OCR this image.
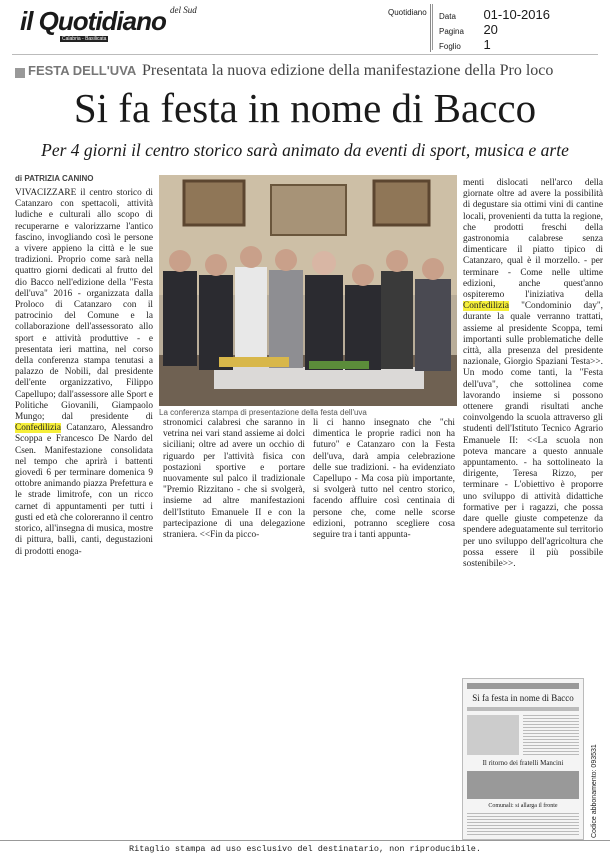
il Quotidiano del Sud
Calabria - Basilicata
Quotidiano Data 01-10-2016
Pagina 20
Foglio 1
FESTA DELL'UVA Presentata la nuova edizione della manifestazione della Pro loco
Si fa festa in nome di Bacco
Per 4 giorni il centro storico sarà animato da eventi di sport, musica e arte
di PATRIZIA CANINO
VIVACIZZARE il centro storico di Catanzaro con spettacoli, attività ludiche e culturali allo scopo di recuperarne e valorizzarne l'antico fascino, invogliando così le persone a vivere appieno la città e le sue tradizioni. Proprio come sarà nella quattro giorni dedicati al frutto del dio Bacco nell'edizione della "Festa dell'uva" 2016 - organizzata dalla Proloco di Catanzaro con il patrocinio del Comune e la collaborazione dell'assessorato allo sport e attività produttive - e presentata ieri mattina, nel corso della conferenza stampa tenutasi a palazzo de Nobili, dal presidente dell'ente organizzativo, Filippo Capellupo; dall'assessore alle Sport e Politiche Giovanili, Giampaolo Mungo; dal presidente di Confedilizia Catanzaro, Alessandro Scoppa e Francesco De Nardo del Csen. Manifestazione consolidata nel tempo che aprirà i battenti giovedì 6 per terminare domenica 9 ottobre animando piazza Prefettura e le strade limitrofe, con un ricco carnet di appuntamenti per tutti i gusti ed età che coloreranno il centro storico, all'insegna di musica, mostre di pittura, balli, canti, degustazioni di prodotti enoga-
La conferenza stampa di presentazione della festa dell'uva
stronomici calabresi che saranno in vetrina nei vari stand assieme ai dolci siciliani; oltre ad avere un occhio di riguardo per l'attività fisica con postazioni sportive e portare nuovamente sul palco il tradizionale "Premio Rizzitano - che si svolgerà, insieme ad altre manifestazioni dell'Istituto Emanuele II e con la partecipazione di una delegazione straniera. <<Fin da picco-
li ci hanno insegnato che "chi dimentica le proprie radici non ha futuro" e Catanzaro con la Festa dell'uva, darà ampia celebrazione delle sue tradizioni. - ha evidenziato Capellupo - Ma cosa più importante, si svolgerà tutto nel centro storico, facendo affluire così centinaia di persone che, come nelle scorse edizioni, potranno scegliere cosa seguire tra i tanti appunta-
menti dislocati nell'arco della giornate oltre ad avere la possibilità di degustare sia ottimi vini di cantine locali, provenienti da tutta la regione, che prodotti freschi della gastronomia calabrese senza dimenticare il piatto tipico di Catanzaro, qual è il morzello. - per terminare - Come nelle ultime edizioni, anche quest'anno ospiteremo l'iniziativa della Confedilizia "Condominio day", durante la quale verranno trattati, assieme al presidente Scoppa, temi importanti sulle problematiche delle città, alla presenza del presidente nazionale, Giorgio Spaziani Testa>>. Un modo come tanti, la "Festa dell'uva", che sottolinea come lavorando insieme si possono ottenere grandi risultati anche coinvolgendo la scuola attraverso gli studenti dell'Istituto Tecnico Agrario Emanuele II: <<La scuola non poteva mancare a questo annuale appuntamento. - ha sottolineato la dirigente, Teresa Rizzo, per terminare - L'obiettivo è proporre uno sviluppo di attività didattiche formative per i ragazzi, che possa dare quelle giuste competenze da spendere adeguatamente sul territorio per uno sviluppo dell'agricoltura che possa essere il più possibile sostenibile>>.
Si fa festa in nome di Bacco
Il ritorno dei fratelli Mancini
Comunali: si allarga il fronte	Codice abbonamento: 093531
Ritaglio stampa ad uso esclusivo del destinatario, non riproducibile.
